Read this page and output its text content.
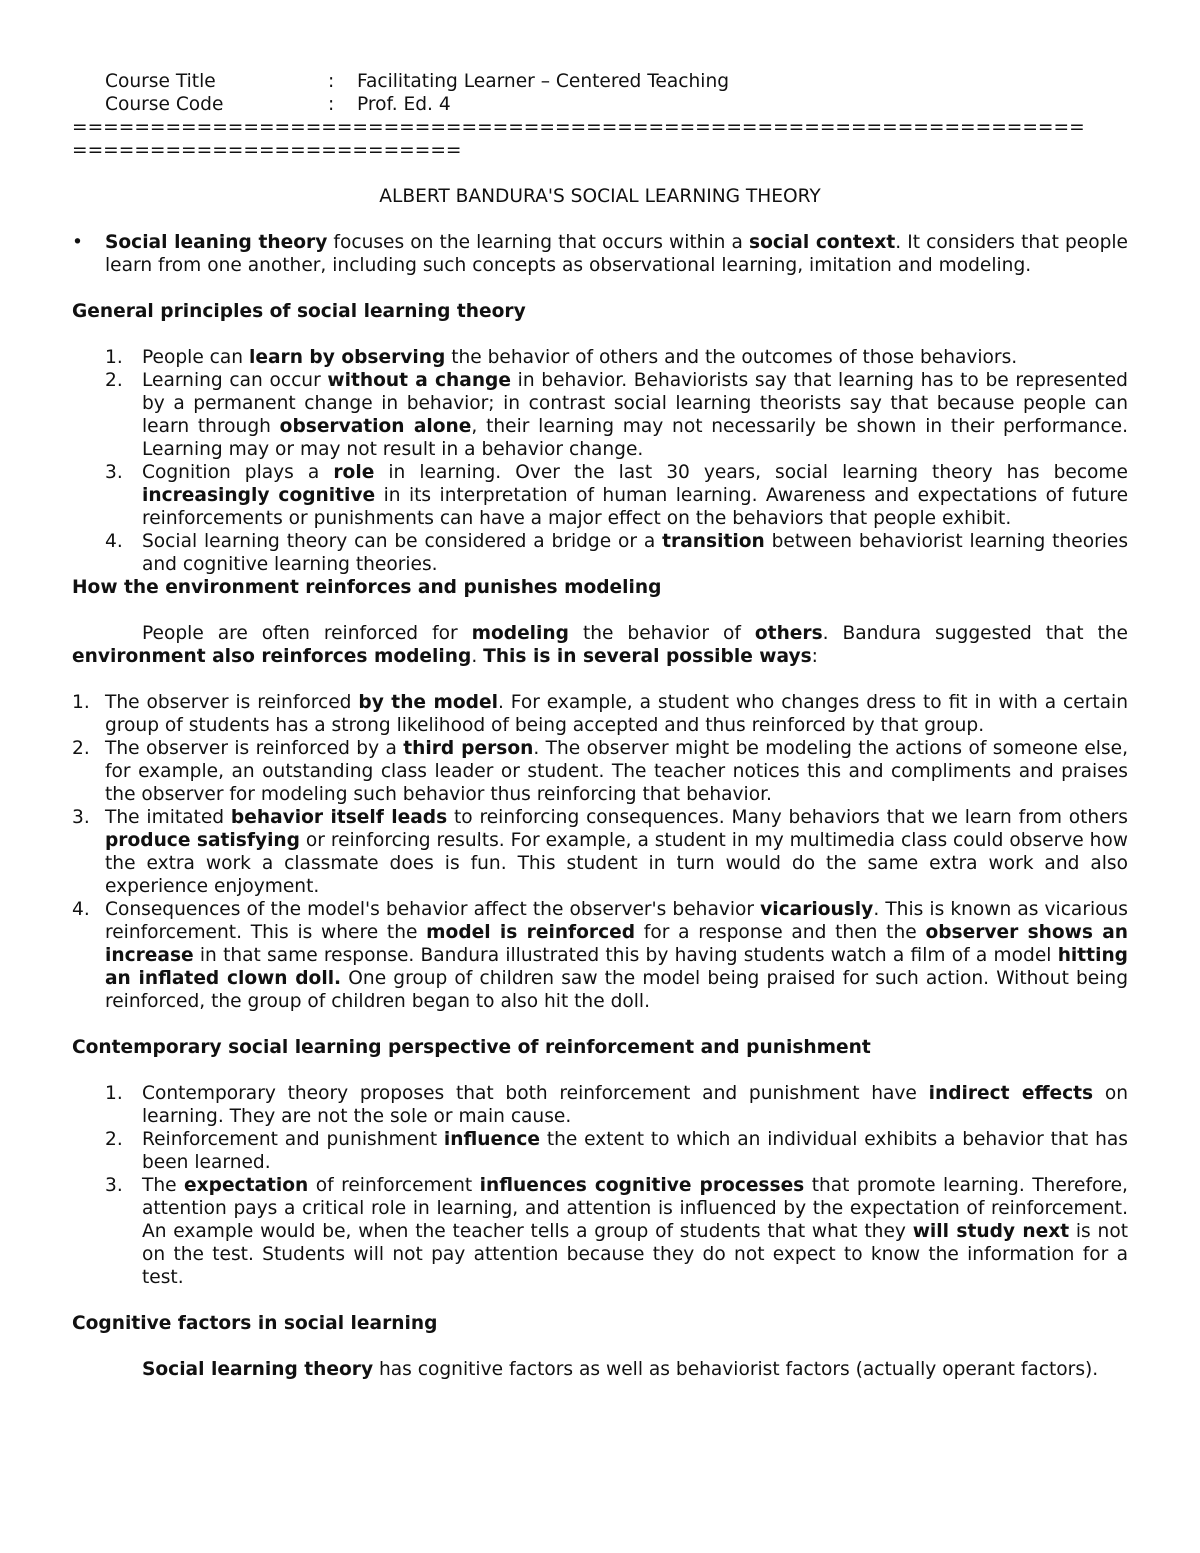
Course Title	:	Facilitating Learner – Centered Teaching
Course Code	:	Prof. Ed. 4
=================================================================
=========================
ALBERT BANDURA'S SOCIAL LEARNING THEORY
•	Social leaning theory focuses on the learning that occurs within a social context. It considers that people learn from one another, including such concepts as observational learning, imitation and modeling.
General principles of social learning theory
1.	People can learn by observing the behavior of others and the outcomes of those behaviors.
2.	Learning can occur without a change in behavior. Behaviorists say that learning has to be represented by a permanent change in behavior; in contrast social learning theorists say that because people can learn through observation alone, their learning may not necessarily be shown in their performance. Learning may or may not result in a behavior change.
3.	Cognition plays a role in learning. Over the last 30 years, social learning theory has become increasingly cognitive in its interpretation of human learning. Awareness and expectations of future reinforcements or punishments can have a major effect on the behaviors that people exhibit.
4.	Social learning theory can be considered a bridge or a transition between behaviorist learning theories and cognitive learning theories.
How the environment reinforces and punishes modeling

People are often reinforced for modeling the behavior of others. Bandura suggested that the environment also reinforces modeling. This is in several possible ways:

1. The observer is reinforced by the model. For example, a student who changes dress to fit in with a certain group of students has a strong likelihood of being accepted and thus reinforced by that group.
2. The observer is reinforced by a third person. The observer might be modeling the actions of someone else, for example, an outstanding class leader or student. The teacher notices this and compliments and praises the observer for modeling such behavior thus reinforcing that behavior.
3. The imitated behavior itself leads to reinforcing consequences. Many behaviors that we learn from others produce satisfying or reinforcing results. For example, a student in my multimedia class could observe how the extra work a classmate does is fun. This student in turn would do the same extra work and also experience enjoyment.
4. Consequences of the model's behavior affect the observer's behavior vicariously. This is known as vicarious reinforcement. This is where the model is reinforced for a response and then the observer shows an increase in that same response. Bandura illustrated this by having students watch a film of a model hitting an inflated clown doll. One group of children saw the model being praised for such action. Without being reinforced, the group of children began to also hit the doll.
Contemporary social learning perspective of reinforcement and punishment
1.	Contemporary theory proposes that both reinforcement and punishment have indirect effects on learning. They are not the sole or main cause.
2.	Reinforcement and punishment influence the extent to which an individual exhibits a behavior that has been learned.
3.	The expectation of reinforcement influences cognitive processes that promote learning. Therefore, attention pays a critical role in learning, and attention is influenced by the expectation of reinforcement. An example would be, when the teacher tells a group of students that what they will study next is not on the test. Students will not pay attention because they do not expect to know the information for a test.
Cognitive factors in social learning

Social learning theory has cognitive factors as well as behaviorist factors (actually operant factors).
